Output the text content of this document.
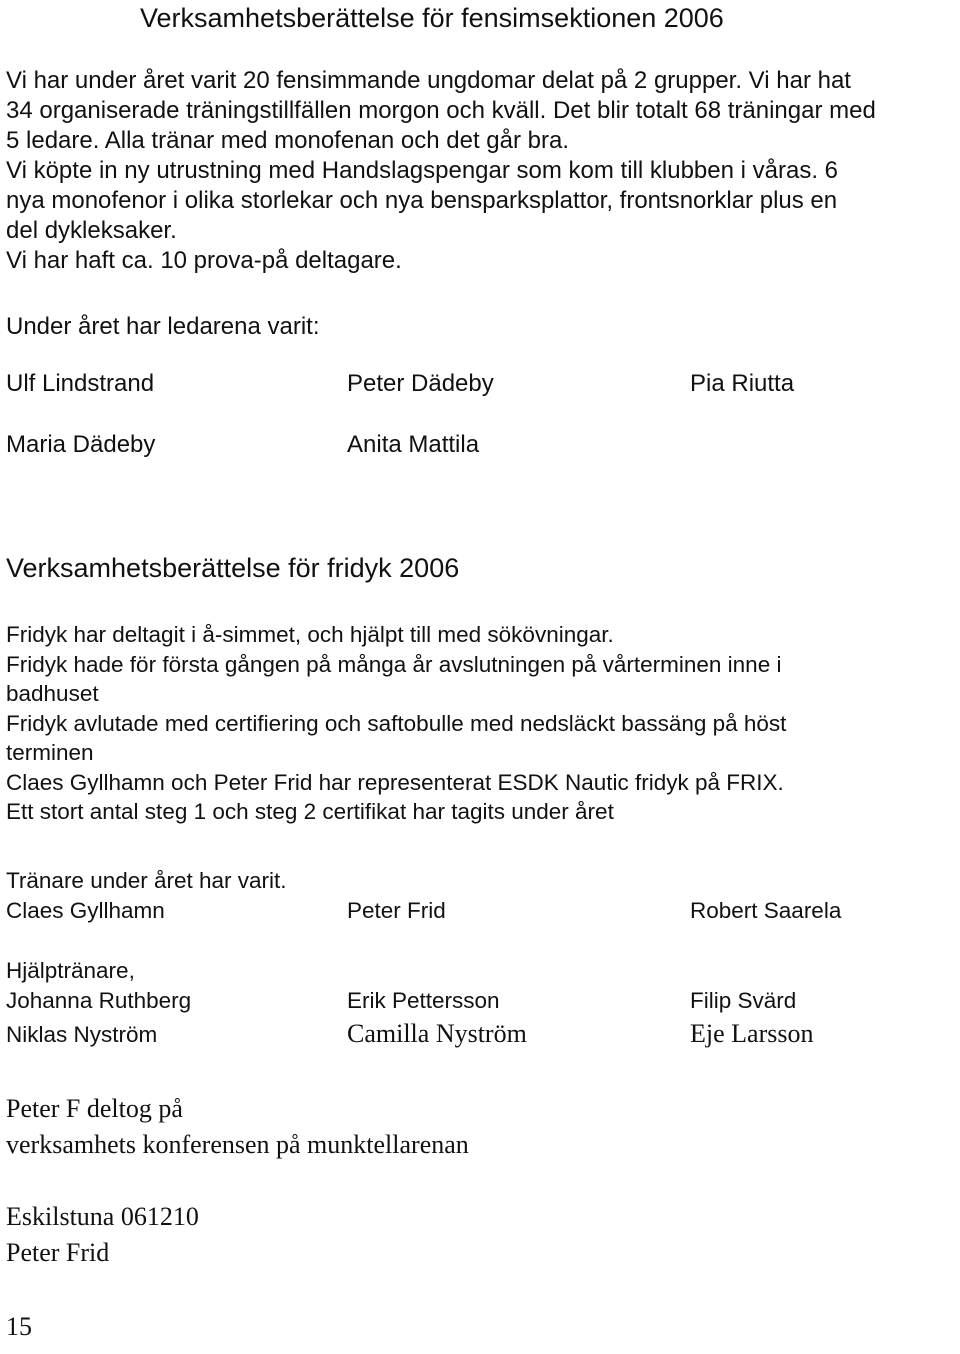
Verksamhetsberättelse för fensimsektionen 2006
Vi har under året varit 20 fensimmande ungdomar delat på 2 grupper. Vi har hat
34 organiserade träningstillfällen morgon och kväll. Det blir totalt 68 träningar med
5 ledare. Alla tränar med monofenan och det går bra.
Vi köpte in ny utrustning med Handslagspengar som kom till klubben i våras. 6
nya monofenor i olika storlekar och nya bensparksplattor, frontsnorklar plus en
del dykleksaker.
Vi har haft ca. 10 prova-på deltagare.
Under året har ledarena varit:
Ulf Lindstrand	Peter Dädeby	Pia Riutta
Maria Dädeby	Anita Mattila
Verksamhetsberättelse för fridyk 2006
Fridyk har deltagit i å-simmet, och hjälpt till med sökövningar.
Fridyk hade för första gången på många år avslutningen på vårterminen inne i
badhuset
Fridyk avlutade med certifiering och saftobulle med nedsläckt bassäng på höst
terminen
Claes Gyllhamn och Peter Frid har representerat ESDK Nautic fridyk på FRIX.
Ett stort antal steg 1 och steg 2 certifikat har tagits under året
Tränare under året har varit.
Claes Gyllhamn	Peter Frid	Robert Saarela
Hjälptränare,
Johanna Ruthberg	Erik Pettersson	Filip Svärd
Niklas Nyström	Camilla Nyström	Eje Larsson
Peter F deltog på
verksamhets konferensen på munktellarenan
Eskilstuna 061210
Peter Frid
15
